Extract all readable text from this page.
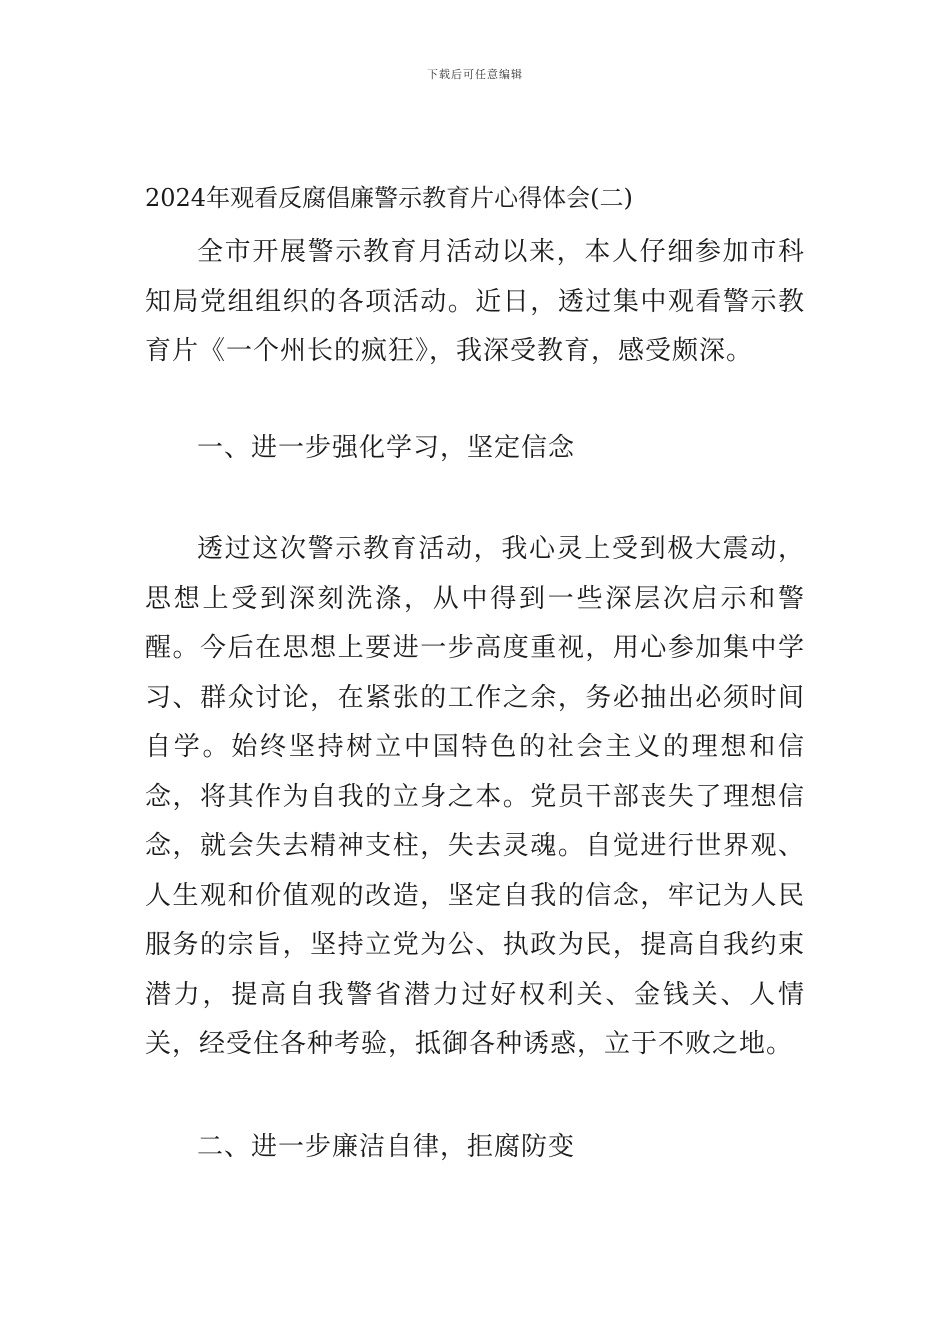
下载后可任意编辑
2024年观看反腐倡廉警示教育片心得体会(二)

全市开展警示教育月活动以来，本人仔细参加市科知局党组组织的各项活动。近日，透过集中观看警示教育片《一个州长的疯狂》，我深受教育，感受颇深。

一、进一步强化学习，坚定信念

透过这次警示教育活动，我心灵上受到极大震动，思想上受到深刻洗涤，从中得到一些深层次启示和警醒。今后在思想上要进一步高度重视，用心参加集中学习、群众讨论，在紧张的工作之余，务必抽出必须时间自学。始终坚持树立中国特色的社会主义的理想和信念，将其作为自我的立身之本。党员干部丧失了理想信念，就会失去精神支柱，失去灵魂。自觉进行世界观、人生观和价值观的改造，坚定自我的信念，牢记为人民服务的宗旨，坚持立党为公、执政为民，提高自我约束潜力，提高自我警省潜力过好权利关、金钱关、人情关，经受住各种考验，抵御各种诱惑，立于不败之地。

二、进一步廉洁自律，拒腐防变
